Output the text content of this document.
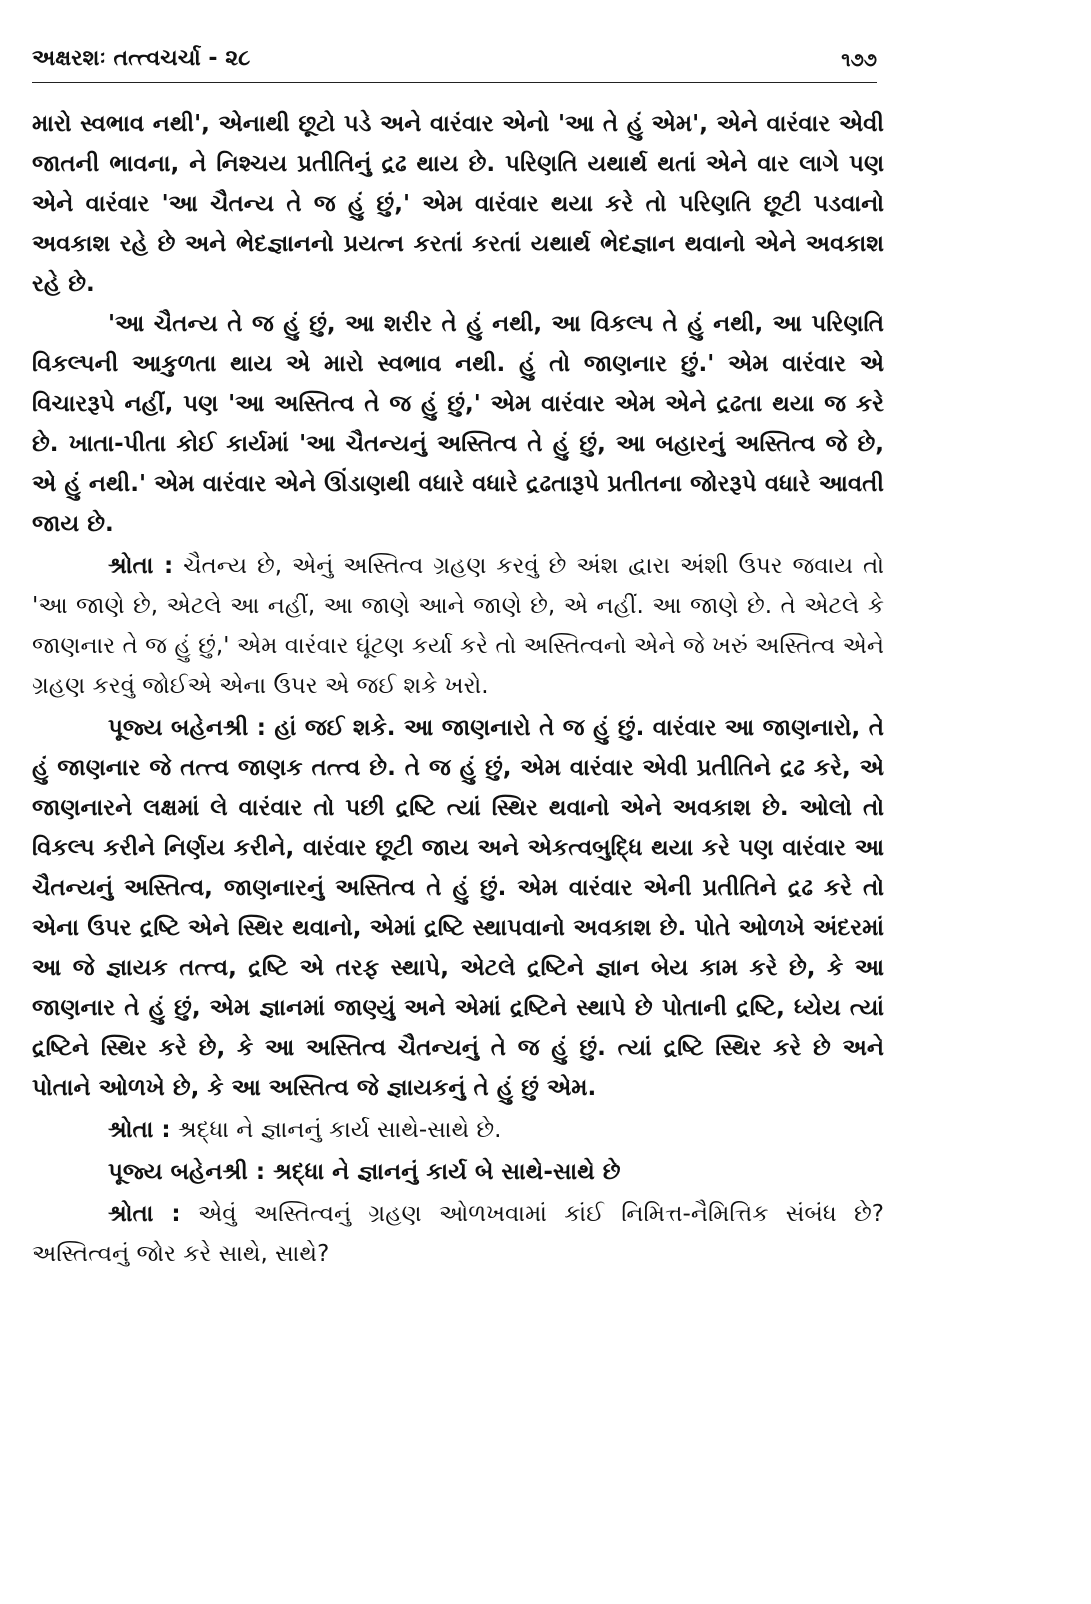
અક્ષરશઃ તત્ત્વચર્ચા - ૨૮	૧૭૭

મારો સ્વભાવ નથી', એનાથી છૂટો પડે અને વારંવાર એનો 'આ તે હું એમ', એને વારંવાર એવી જાતની ભાવના, ને નિશ્ચય પ્રતીતિનું દ્રઢ થાય છે. પરિણતિ યથાર્થ થતાં એને વાર લાગે પણ એને વારંવાર 'આ ચૈતન્ય તે જ હું છું,' એમ વારંવાર થયા કરે તો પરિણતિ છૂટી પડવાનો અવકાશ રહે છે અને ભેદજ્ઞાનનો પ્રયત્ન કરતાં કરતાં યથાર્થ ભેદજ્ઞાન થવાનો એને અવકાશ રહે છે.

'આ ચૈતન્ય તે જ હું છું, આ શરીર તે હું નથી, આ વિકલ્પ તે હું નથી, આ પરિણતિ વિકલ્પની આકુળતા થાય એ મારો સ્વભાવ નથી. હું તો જાણનાર છું.' એમ વારંવાર એ વિચારરૂપે નહીં, પણ 'આ અસ્તિત્વ તે જ હું છું,' એમ વારંવાર એમ એને દ્રઢતા થયા જ કરે છે. ખાતા-પીતા કોઈ કાર્યમાં 'આ ચૈતન્યનું અસ્તિત્વ તે હું છું, આ બહારનું અસ્તિત્વ જે છે, એ હું નથી.' એમ વારંવાર એને ઊંડાણથી વધારે વધારે દ્રઢતારૂપે પ્રતીતના જોરરૂપે વધારે આવતી જાય છે.

શ્રોતા : ચૈતન્ય છે, એનું અસ્તિત્વ ગ્રહણ કરવું છે અંશ દ્વારા અંશી ઉપર જવાય તો 'આ જાણે છે, એટલે આ નહીં, આ જાણે આને જાણે છે, એ નહીં. આ જાણે છે. તે એટલે કે જાણનાર તે જ હું છું,' એમ વારંવાર ઘૂંટણ કર્યા કરે તો અસ્તિત્વનો એને જે ખરું અસ્તિત્વ એને ગ્રહણ કરવું જોઈએ એના ઉપર એ જઈ શકે ખરો.

પૂજ્ય બહેનશ્રી : હાં જઈ શકે. આ જાણનારો તે જ હું છું. વારંવાર આ જાણનારો, તે હું જાણનાર જે તત્ત્વ જાણક તત્ત્વ છે. તે જ હું છું, એમ વારંવાર એવી પ્રતીતિને દ્રઢ કરે, એ જાણનારને લક્ષમાં લે વારંવાર તો પછી દ્રષ્ટિ ત્યાં સ્થિર થવાનો એને અવકાશ છે. ઓલો તો વિકલ્પ કરીને નિર્ણય કરીને, વારંવાર છૂટી જાય અને એકત્વબુદ્ધિ થયા કરે પણ વારંવાર આ ચૈતન્યનું અસ્તિત્વ, જાણનારનું અસ્તિત્વ તે હું છું. એમ વારંવાર એની પ્રતીતિને દ્રઢ કરે તો એના ઉપર દ્રષ્ટિ એને સ્થિર થવાનો, એમાં દ્રષ્ટિ સ્થાપવાનો અવકાશ છે. પોતે ઓળખે અંદરમાં આ જે જ્ઞાયક તત્ત્વ, દ્રષ્ટિ એ તરફ સ્થાપે, એટલે દ્રષ્ટિને જ્ઞાન બેય કામ કરે છે, કે આ જાણનાર તે હું છું, એમ જ્ઞાનમાં જાણ્યું અને એમાં દ્રષ્ટિને સ્થાપે છે પોતાની દ્રષ્ટિ, ધ્યેય ત્યાં દ્રષ્ટિને સ્થિર કરે છે, કે આ અસ્તિત્વ ચૈતન્યનું તે જ હું છું. ત્યાં દ્રષ્ટિ સ્થિર કરે છે અને પોતાને ઓળખે છે, કે આ અસ્તિત્વ જે જ્ઞાયકનું તે હું છું એમ.

શ્રોતા : શ્રદ્ધા ને જ્ઞાનનું કાર્ય સાથે-સાથે છે.

પૂજ્ય બહેનશ્રી : શ્રદ્ધા ને જ્ઞાનનું કાર્ય બે સાથે-સાથે છે

શ્રોતા : એવું અસ્તિત્વનું ગ્રહણ ઓળખવામાં કાંઈ નિમિત્ત-નૈમિત્તિક સંબંધ છે? અસ્તિત્વનું જોર કરે સાથે, સાથે?
